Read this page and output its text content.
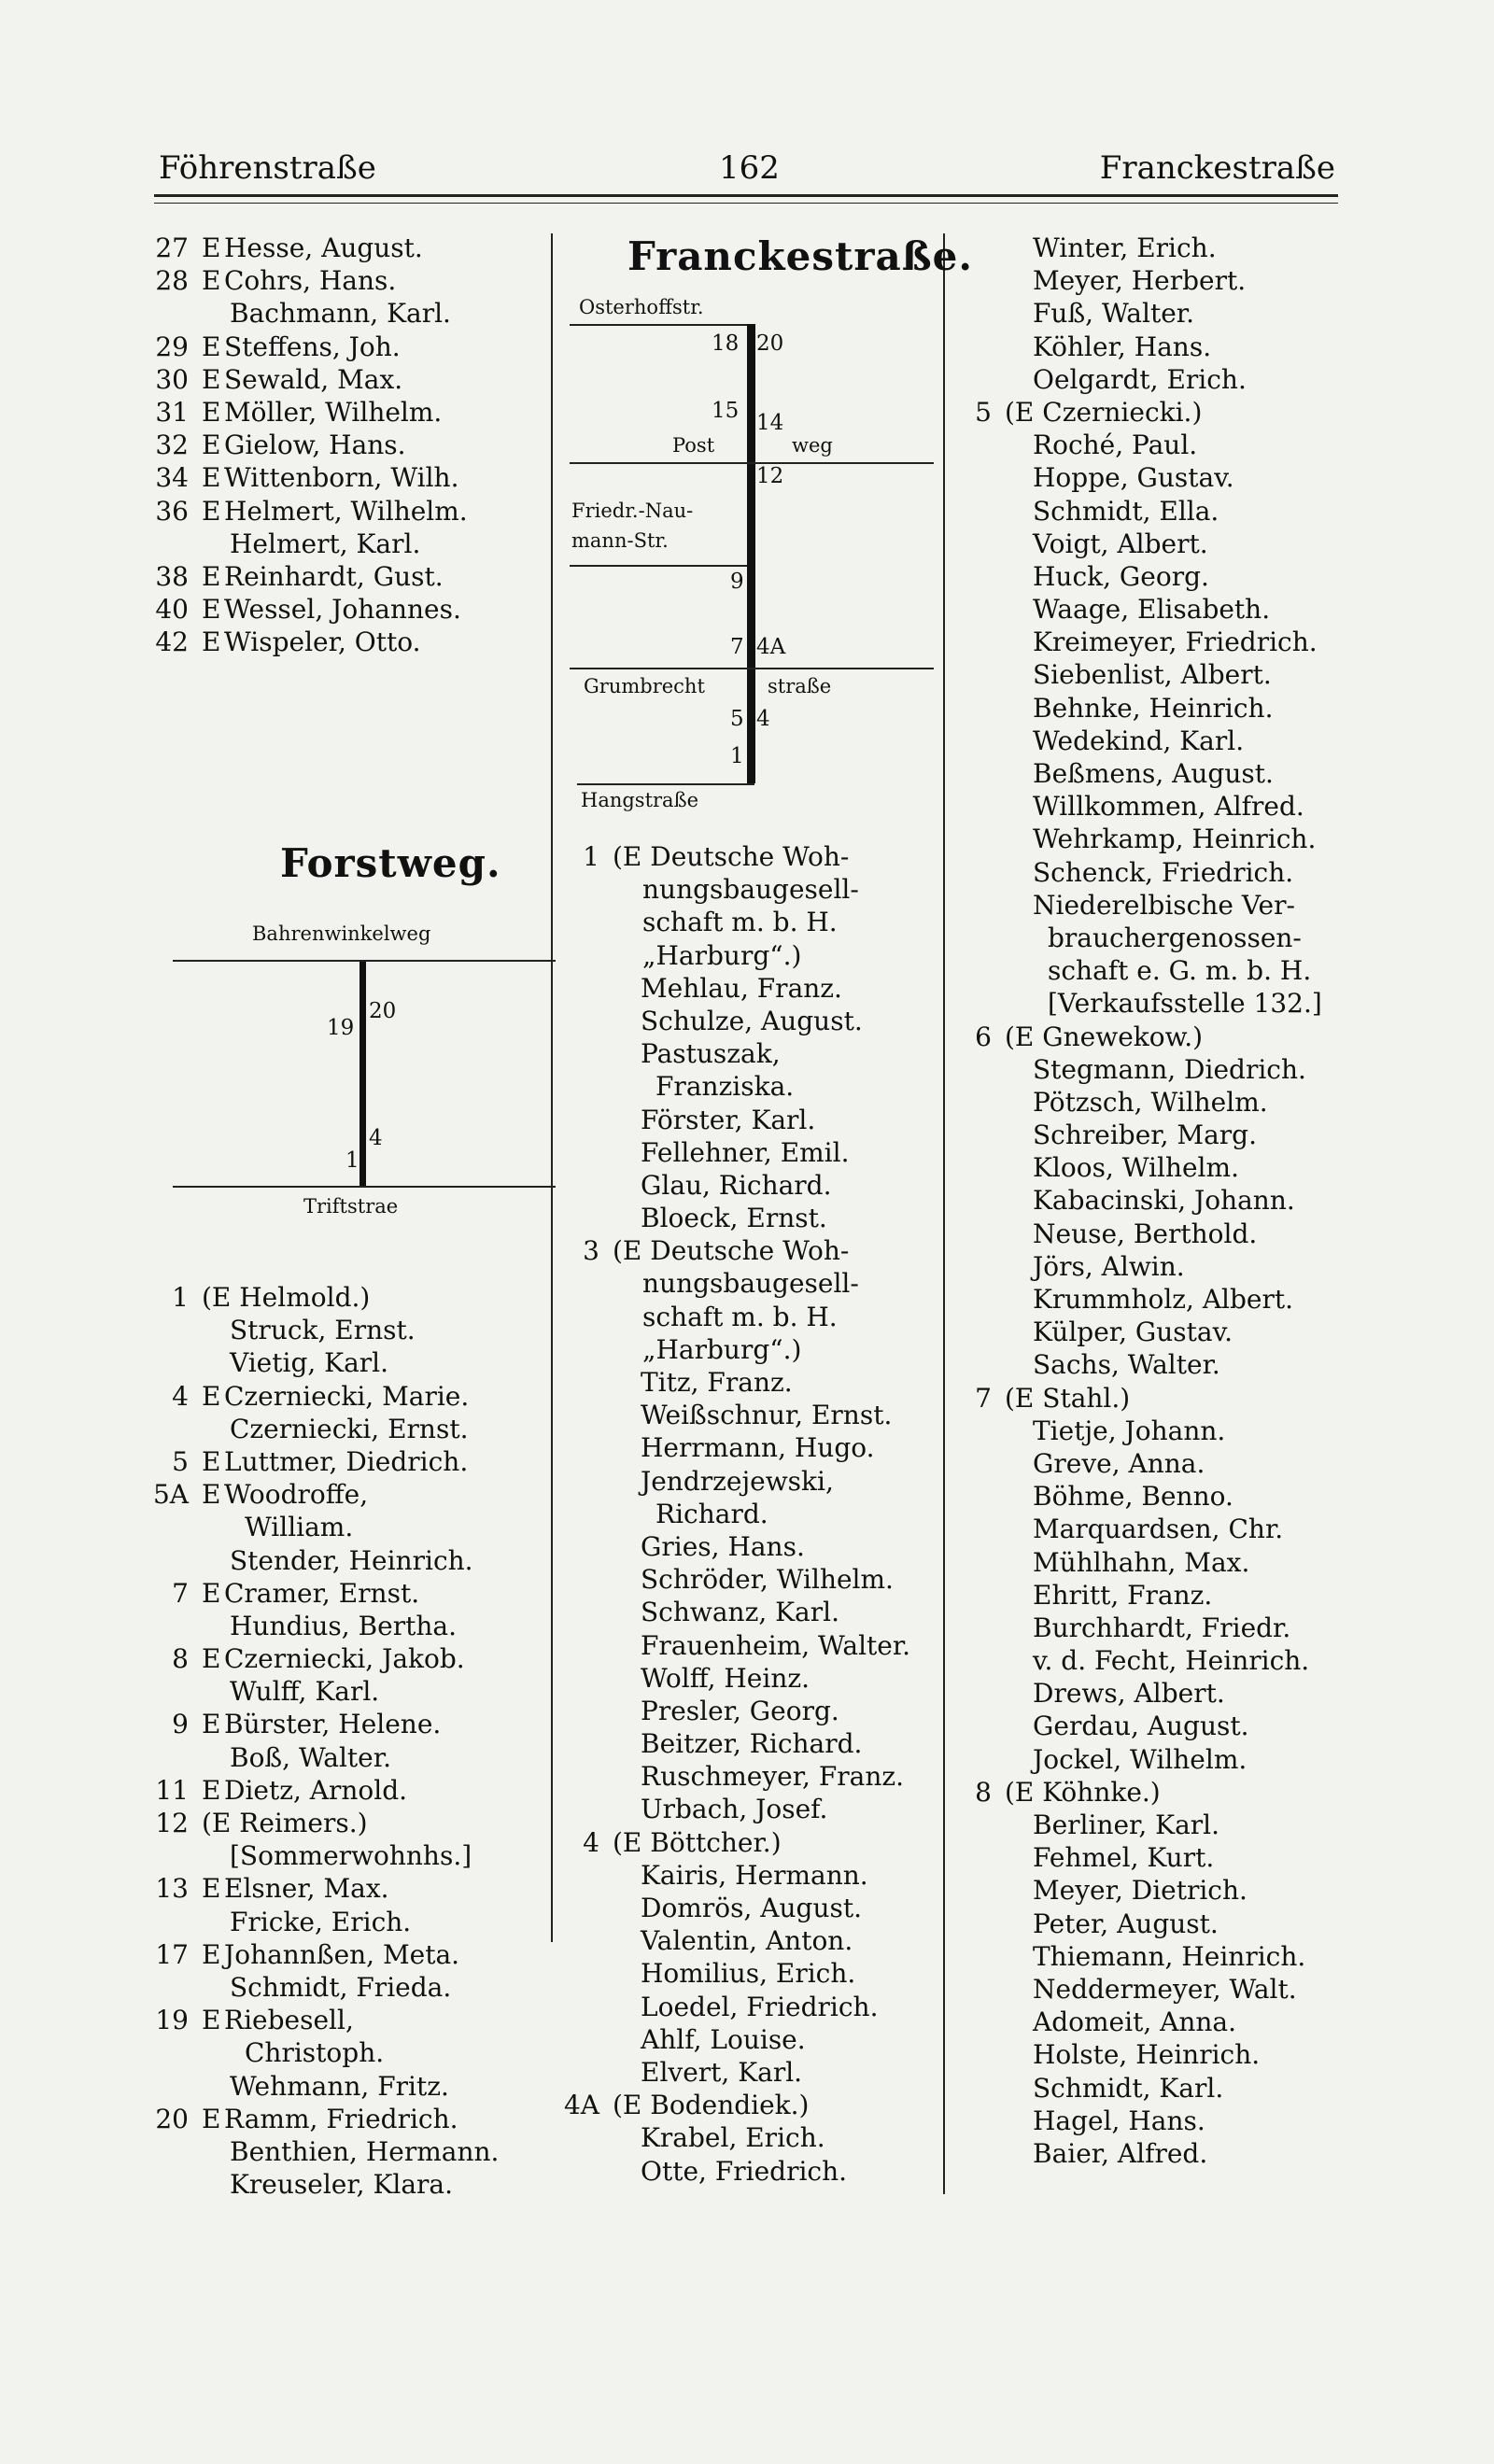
Föhrenstraße	162	Franckestraße
27 E Hesse, August.
28 E Cohrs, Hans.
Bachmann, Karl.
29 E Steffens, Joh.
30 E Sewald, Max.
31 E Möller, Wilhelm.
32 E Gielow, Hans.
34 E Wittenborn, Wilh.
36 E Helmert, Wilhelm.
Helmert, Karl.
38 E Reinhardt, Gust.
40 E Wessel, Johannes.
42 E Wispeler, Otto.
Forstweg.
Bahrenwinkelweg
19
20
1
4
Triftstrae
1 (E Helmold.)
Struck, Ernst.
Vietig, Karl.
4 E Czerniecki, Marie.
Czerniecki, Ernst.
5 E Luttmer, Diedrich.
5A E Woodroffe,
William.
Stender, Heinrich.
7 E Cramer, Ernst.
Hundius, Bertha.
8 E Czerniecki, Jakob.
Wulff, Karl.
9 E Bürster, Helene.
Boß, Walter.
11 E Dietz, Arnold.
12 (E Reimers.)
[Sommerwohnhs.]
13 E Elsner, Max.
Fricke, Erich.
17 E Johannßen, Meta.
Schmidt, Frieda.
19 E Riebesell,
Christoph.
Wehmann, Fritz.
20 E Ramm, Friedrich.
Benthien, Hermann.
Kreuseler, Klara.
Franckestraße.
Osterhoffstr.
18 20
15 14
Post	weg
12
Friedr.-Nau-
mann-Str.
9
7 4A
Grumbrecht	straße
5 4
1
Hangstraße
1 (E Deutsche Woh-
nungsbaugesell-
schaft m. b. H.
„Harburg“.)
Mehlau, Franz.
Schulze, August.
Pastuszak,
Franziska.
Förster, Karl.
Fellehner, Emil.
Glau, Richard.
Bloeck, Ernst.
3 (E Deutsche Woh-
nungsbaugesell-
schaft m. b. H.
„Harburg“.)
Titz, Franz.
Weißschnur, Ernst.
Herrmann, Hugo.
Jendrzejewski,
Richard.
Gries, Hans.
Schröder, Wilhelm.
Schwanz, Karl.
Frauenheim, Walter.
Wolff, Heinz.
Presler, Georg.
Beitzer, Richard.
Ruschmeyer, Franz.
Urbach, Josef.
4 (E Böttcher.)
Kairis, Hermann.
Domrös, August.
Valentin, Anton.
Homilius, Erich.
Loedel, Friedrich.
Ahlf, Louise.
Elvert, Karl.
4A (E Bodendiek.)
Krabel, Erich.
Otte, Friedrich.
Winter, Erich.
Meyer, Herbert.
Fuß, Walter.
Köhler, Hans.
Oelgardt, Erich.
5 (E Czerniecki.)
Roché, Paul.
Hoppe, Gustav.
Schmidt, Ella.
Voigt, Albert.
Huck, Georg.
Waage, Elisabeth.
Kreimeyer, Friedrich.
Siebenlist, Albert.
Behnke, Heinrich.
Wedekind, Karl.
Beßmens, August.
Willkommen, Alfred.
Wehrkamp, Heinrich.
Schenck, Friedrich.
Niederelbische Ver-
brauchergenossen-
schaft e. G. m. b. H.
[Verkaufsstelle 132.]
6 (E Gnewekow.)
Stegmann, Diedrich.
Pötzsch, Wilhelm.
Schreiber, Marg.
Kloos, Wilhelm.
Kabacinski, Johann.
Neuse, Berthold.
Jörs, Alwin.
Krummholz, Albert.
Külper, Gustav.
Sachs, Walter.
7 (E Stahl.)
Tietje, Johann.
Greve, Anna.
Böhme, Benno.
Marquardsen, Chr.
Mühlhahn, Max.
Ehritt, Franz.
Burchhardt, Friedr.
v. d. Fecht, Heinrich.
Drews, Albert.
Gerdau, August.
Jockel, Wilhelm.
8 (E Köhnke.)
Berliner, Karl.
Fehmel, Kurt.
Meyer, Dietrich.
Peter, August.
Thiemann, Heinrich.
Neddermeyer, Walt.
Adomeit, Anna.
Holste, Heinrich.
Schmidt, Karl.
Hagel, Hans.
Baier, Alfred.
